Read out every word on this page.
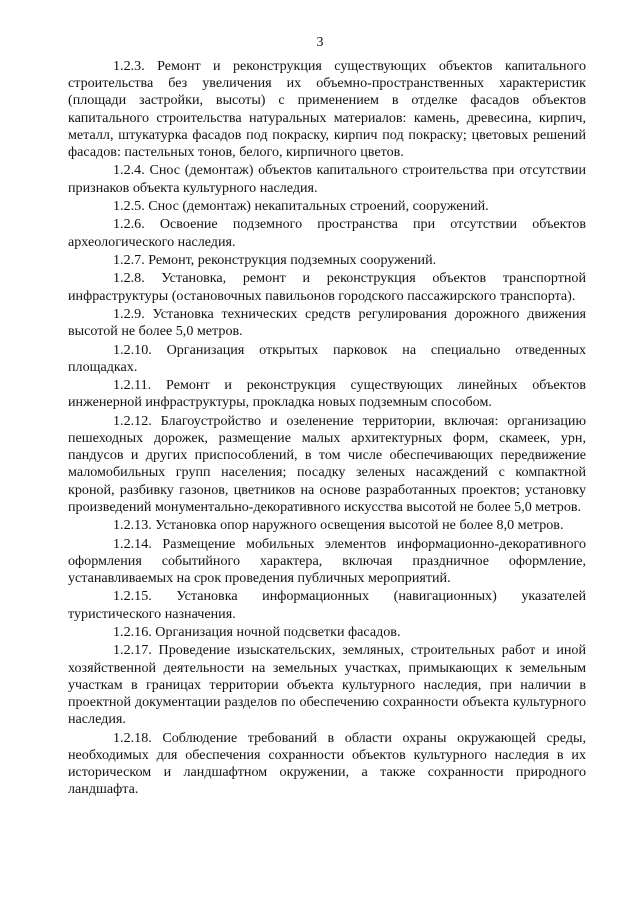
3

1.2.3. Ремонт и реконструкция существующих объектов капитального строительства без увеличения их объемно-пространственных характеристик (площади застройки, высоты) с применением в отделке фасадов объектов капитального строительства натуральных материалов: камень, древесина, кирпич, металл, штукатурка фасадов под покраску, кирпич под покраску; цветовых решений фасадов: пастельных тонов, белого, кирпичного цветов.

1.2.4. Снос (демонтаж) объектов капитального строительства при отсутствии признаков объекта культурного наследия.

1.2.5. Снос (демонтаж) некапитальных строений, сооружений.

1.2.6. Освоение подземного пространства при отсутствии объектов археологического наследия.

1.2.7. Ремонт, реконструкция подземных сооружений.

1.2.8. Установка, ремонт и реконструкция объектов транспортной инфраструктуры (остановочных павильонов городского пассажирского транспорта).

1.2.9. Установка технических средств регулирования дорожного движения высотой не более 5,0 метров.

1.2.10. Организация открытых парковок на специально отведенных площадках.

1.2.11. Ремонт и реконструкция существующих линейных объектов инженерной инфраструктуры, прокладка новых подземным способом.

1.2.12. Благоустройство и озеленение территории, включая: организацию пешеходных дорожек, размещение малых архитектурных форм, скамеек, урн, пандусов и других приспособлений, в том числе обеспечивающих передвижение маломобильных групп населения; посадку зеленых насаждений с компактной кроной, разбивку газонов, цветников на основе разработанных проектов; установку произведений монументально-декоративного искусства высотой не более 5,0 метров.

1.2.13. Установка опор наружного освещения высотой не более 8,0 метров.

1.2.14. Размещение мобильных элементов информационно-декоративного оформления событийного характера, включая праздничное оформление, устанавливаемых на срок проведения публичных мероприятий.

1.2.15. Установка информационных (навигационных) указателей туристического назначения.

1.2.16. Организация ночной подсветки фасадов.

1.2.17. Проведение изыскательских, земляных, строительных работ и иной хозяйственной деятельности на земельных участках, примыкающих к земельным участкам в границах территории объекта культурного наследия, при наличии в проектной документации разделов по обеспечению сохранности объекта культурного наследия.

1.2.18. Соблюдение требований в области охраны окружающей среды, необходимых для обеспечения сохранности объектов культурного наследия в их историческом и ландшафтном окружении, а также сохранности природного ландшафта.
